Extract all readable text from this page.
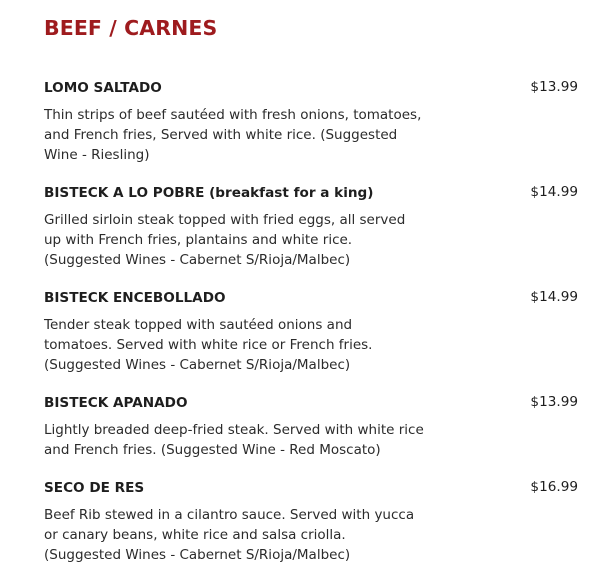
BEEF / CARNES
LOMO SALTADO	$13.99
Thin strips of beef sautéed with fresh onions, tomatoes, and French fries, Served with white rice. (Suggested Wine - Riesling)
BISTECK A LO POBRE (breakfast for a king)	$14.99
Grilled sirloin steak topped with fried eggs, all served up with French fries, plantains and white rice. (Suggested Wines - Cabernet S/Rioja/Malbec)
BISTECK ENCEBOLLADO	$14.99
Tender steak topped with sautéed onions and tomatoes. Served with white rice or French fries. (Suggested Wines - Cabernet S/Rioja/Malbec)
BISTECK APANADO	$13.99
Lightly breaded deep-fried steak. Served with white rice and French fries. (Suggested Wine - Red Moscato)
SECO DE RES	$16.99
Beef Rib stewed in a cilantro sauce. Served with yucca or canary beans, white rice and salsa criolla. (Suggested Wines - Cabernet S/Rioja/Malbec)
